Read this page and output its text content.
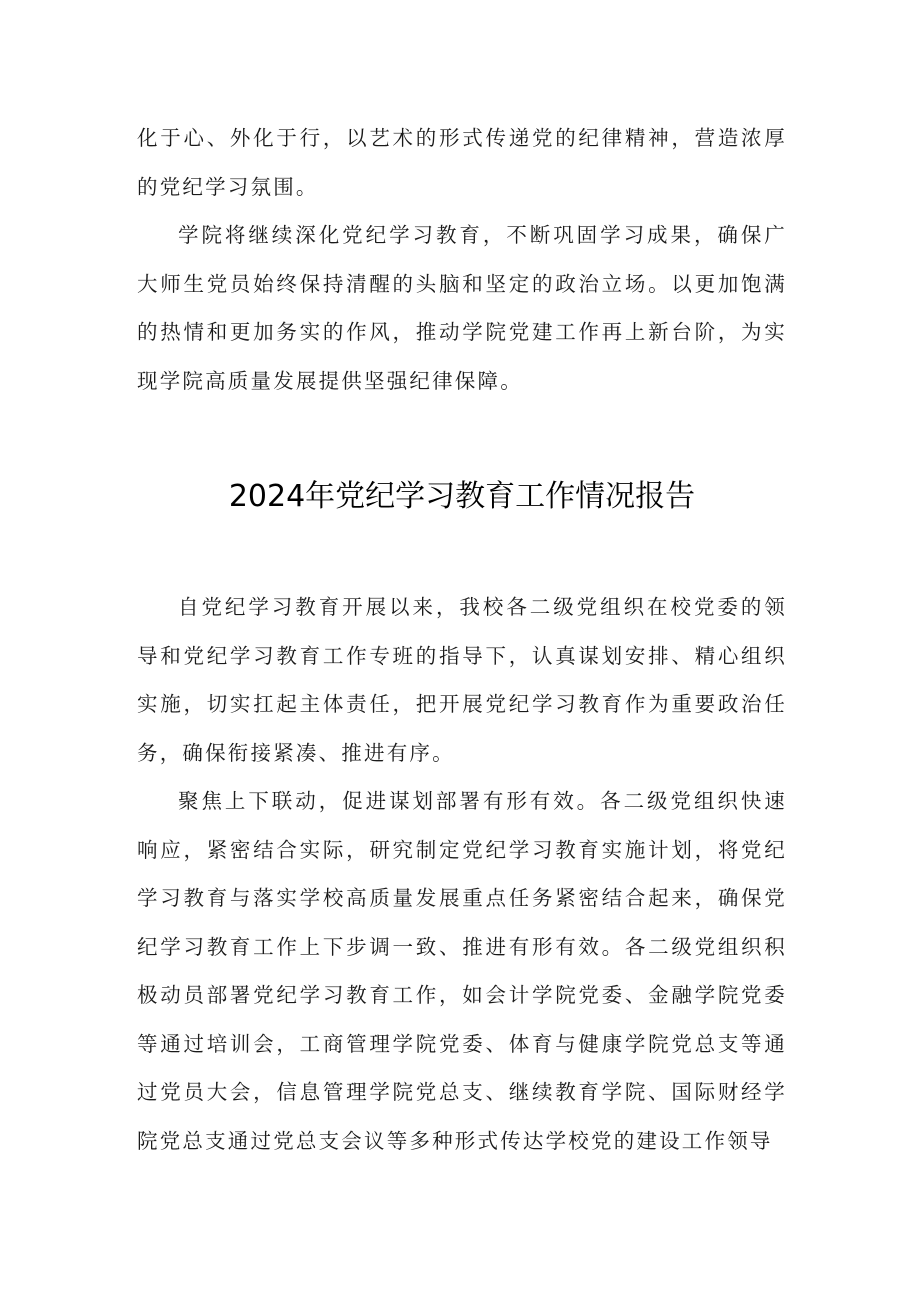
化于心、外化于行，以艺术的形式传递党的纪律精神，营造浓厚的党纪学习氛围。

学院将继续深化党纪学习教育，不断巩固学习成果，确保广大师生党员始终保持清醒的头脑和坚定的政治立场。以更加饱满的热情和更加务实的作风，推动学院党建工作再上新台阶，为实现学院高质量发展提供坚强纪律保障。

2024年党纪学习教育工作情况报告

自党纪学习教育开展以来，我校各二级党组织在校党委的领导和党纪学习教育工作专班的指导下，认真谋划安排、精心组织实施，切实扛起主体责任，把开展党纪学习教育作为重要政治任务，确保衔接紧凑、推进有序。

聚焦上下联动，促进谋划部署有形有效。各二级党组织快速响应，紧密结合实际，研究制定党纪学习教育实施计划，将党纪学习教育与落实学校高质量发展重点任务紧密结合起来，确保党纪学习教育工作上下步调一致、推进有形有效。各二级党组织积极动员部署党纪学习教育工作，如会计学院党委、金融学院党委等通过培训会，工商管理学院党委、体育与健康学院党总支等通过党员大会，信息管理学院党总支、继续教育学院、国际财经学院党总支通过党总支会议等多种形式传达学校党的建设工作领导
